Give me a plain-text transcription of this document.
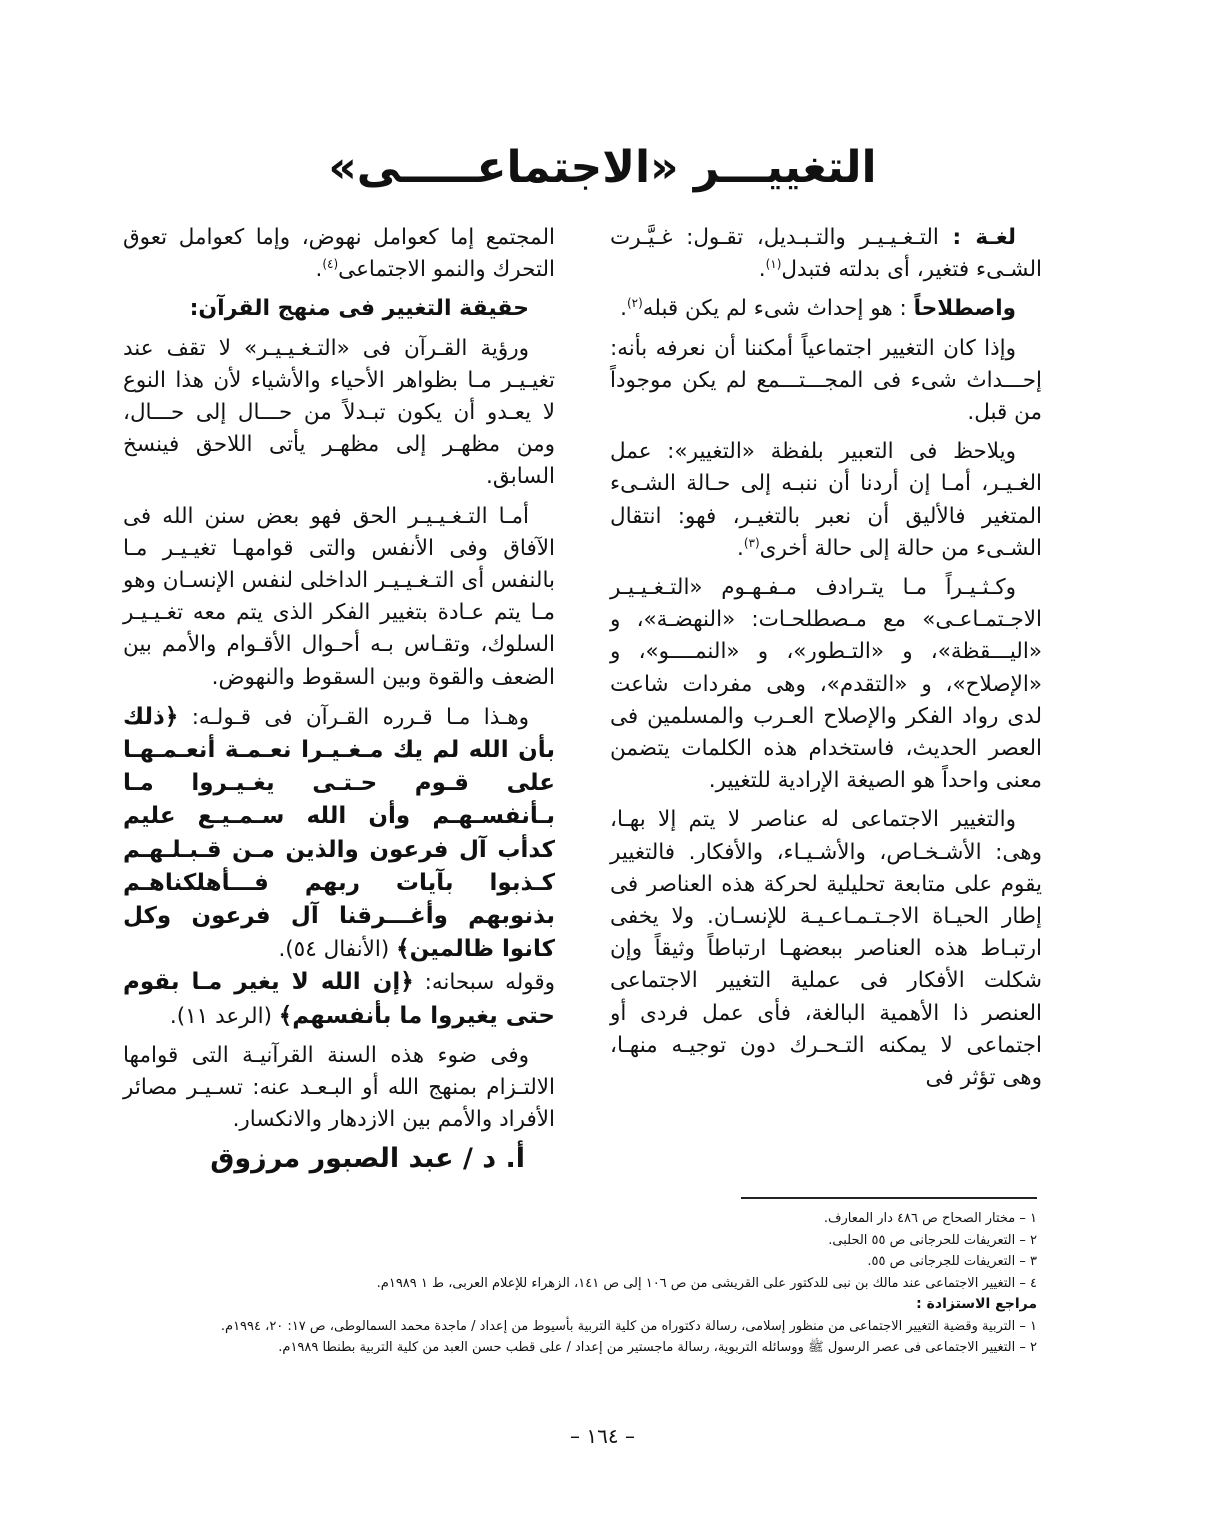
التغييـــر «الاجتماعـــــى»

لغـة : التـغـيـيـر والتـبـديل، تقـول: غـيَّـرت الشـىء فتغير، أى بدلته فتبدل$^{(١)}$.

واصطلاحاً : هو إحداث شىء لم يكن قبله$^{(٢)}$.

وإذا كان التغيير اجتماعياً أمكننا أن نعرفه بأنه: إحـــداث شىء فى المجـــتـــمع لم يكن موجوداً من قبل.

ويلاحظ فى التعبير بلفظة «التغيير»: عمل الغـيـر، أمـا إن أردنا أن ننبـه إلى حـالة الشـىء المتغير فالأليق أن نعبر بالتغيـر، فهو: انتقال الشـىء من حالة إلى حالة أخرى$^{(٣)}$.

وكـثـيـراً مـا يتـرادف مـفـهـوم «التـغـيـيـر الاجـتمـاعـى» مع مـصطلحـات: «النهضـة»، و «اليـــقظة»، و «التـطور»، و «النمــــو»، و «الإصلاح»، و «التقدم»، وهى مفردات شاعت لدى رواد الفكر والإصلاح العـرب والمسلمين فى العصر الحديث، فاستخدام هذه الكلمات يتضمن معنى واحداً هو الصيغة الإرادية للتغيير.

والتغيير الاجتماعى له عناصر لا يتم إلا بهـا، وهى: الأشـخـاص، والأشـيـاء، والأفكار. فالتغيير يقوم على متابعة تحليلية لحركة هذه العناصر فى إطار الحيـاة الاجـتـمـاعـيـة للإنسـان. ولا يخفى ارتبـاط هذه العناصر ببعضهـا ارتباطاً وثيقاً وإن شكلت الأفكار فى عملية التغيير الاجتماعى العنصر ذا الأهمية البالغة، فأى عمل فردى أو اجتماعى لا يمكنه التـحـرك دون توجيـه منهـا، وهى تؤثر فى

المجتمع إما كعوامل نهوض، وإما كعوامل تعوق التحرك والنمو الاجتماعى$^{(٤)}$.

حقيقة التغيير فى منهج القرآن:

ورؤية القـرآن فى «التـغـيـيـر» لا تقف عند تغيـيـر مـا بظواهر الأحياء والأشياء لأن هذا النوع لا يعـدو أن يكون تبـدلاً من حـــال إلى حـــال، ومن مظهـر إلى مظهـر يأتى اللاحق فينسخ السابق.

أمـا التـغـيـيـر الحق فهو بعض سنن الله فى الآفاق وفى الأنفس والتى قوامهـا تغيـيـر مـا بالنفس أى التـغـيـيـر الداخلى لنفس الإنسـان وهو مـا يتم عـادة بتغيير الفكر الذى يتم معه تغـيـيـر السلوك، وتقـاس بـه أحـوال الأقـوام والأمم بين الضعف والقوة وبين السقوط والنهوض.

وهـذا مـا قـرره القـرآن فى قـولـه: ﴿ذلك بأن الله لم يك مـغـيـرا نعـمـة أنعـمـهـا على قـوم حـتـى يغـيـروا مـا بـأنفسـهـم وأن الله سـمـيـع عليم كدأب آل فرعون والذين مـن قـبـلـهـم كـذبوا بآيات ربهم فـــأهلكناهـم بذنوبهم وأغـــرقنا آل فرعون وكل كانوا ظالمين﴾ (الأنفال ٥٤).
وقوله سبحانه: ﴿إن الله لا يغير مـا بقوم حتى يغيروا ما بأنفسهم﴾ (الرعد ١١).

وفى ضوء هذه السنة القرآنيـة التى قوامها الالتـزام بمنهج الله أو البـعـد عنه: تسـيـر مصائر الأفراد والأمم بين الازدهار والانكسار.

أ. د / عبد الصبور مرزوق
١ – مختار الصحاح ص ٤٨٦ دار المعارف.
٢ – التعريفات للحرجانى ص ٥٥ الحلبى.
٣ – التعريفات للجرجانى ص ٥٥.
٤ – التغيير الاجتماعى عند مالك بن نبى للدكتور على القريشى من ص ١٠٦ إلى ص ١٤١، الزهراء للإعلام العربى، ط ١ ١٩٨٩م.
مراجع الاستزادة :
١ – التربية وقضية التغيير الاجتماعى من منظور إسلامى، رسالة دكتوراه من كلية التربية بأسيوط من إعداد / ماجدة محمد السمالوطى، ص ١٧: ٢٠، ١٩٩٤م.
٢ – التغيير الاجتماعى فى عصر الرسول ﷺ ووسائله التربوية، رسالة ماجستير من إعداد / على قطب حسن العبد من كلية التربية بطنطا ١٩٨٩م.
– ١٦٤ –
